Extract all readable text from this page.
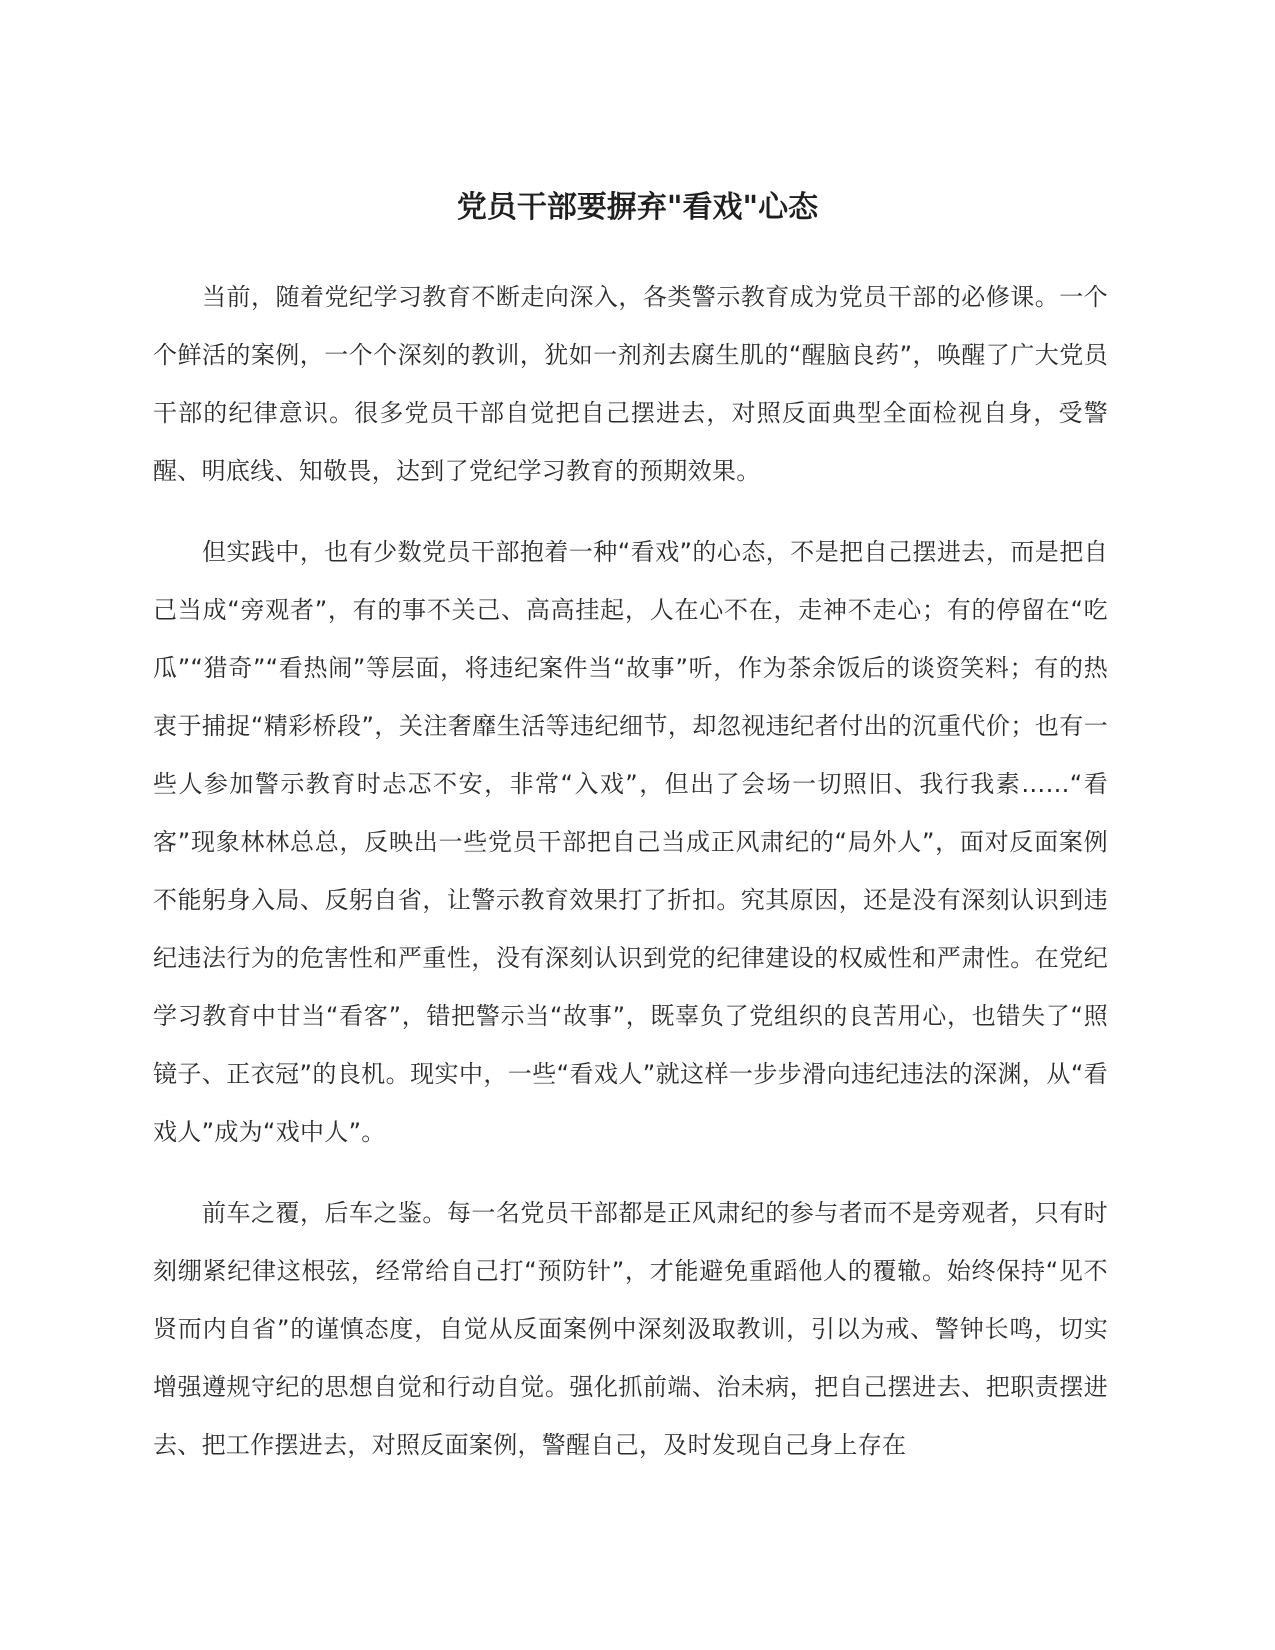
党员干部要摒弃"看戏"心态

当前，随着党纪学习教育不断走向深入，各类警示教育成为党员干部的必修课。一个个鲜活的案例，一个个深刻的教训，犹如一剂剂去腐生肌的“醒脑良药”，唤醒了广大党员干部的纪律意识。很多党员干部自觉把自己摆进去，对照反面典型全面检视自身，受警醒、明底线、知敬畏，达到了党纪学习教育的预期效果。

但实践中，也有少数党员干部抱着一种“看戏”的心态，不是把自己摆进去，而是把自己当成“旁观者”，有的事不关己、高高挂起，人在心不在，走神不走心；有的停留在“吃瓜”“猎奇”“看热闹”等层面，将违纪案件当“故事”听，作为茶余饭后的谈资笑料；有的热衷于捕捉“精彩桥段”，关注奢靡生活等违纪细节，却忽视违纪者付出的沉重代价；也有一些人参加警示教育时忐忑不安，非常“入戏”，但出了会场一切照旧、我行我素……“看客”现象林林总总，反映出一些党员干部把自己当成正风肃纪的“局外人”，面对反面案例不能躬身入局、反躬自省，让警示教育效果打了折扣。究其原因，还是没有深刻认识到违纪违法行为的危害性和严重性，没有深刻认识到党的纪律建设的权威性和严肃性。在党纪学习教育中甘当“看客”，错把警示当“故事”，既辜负了党组织的良苦用心，也错失了“照镜子、正衣冠”的良机。现实中，一些“看戏人”就这样一步步滑向违纪违法的深渊，从“看戏人”成为“戏中人”。

前车之覆，后车之鉴。每一名党员干部都是正风肃纪的参与者而不是旁观者，只有时刻绷紧纪律这根弦，经常给自己打“预防针”，才能避免重蹈他人的覆辙。始终保持“见不贤而内自省”的谨慎态度，自觉从反面案例中深刻汲取教训，引以为戒、警钟长鸣，切实增强遵规守纪的思想自觉和行动自觉。强化抓前端、治未病，把自己摆进去、把职责摆进去、把工作摆进去，对照反面案例，警醒自己，及时发现自己身上存在
